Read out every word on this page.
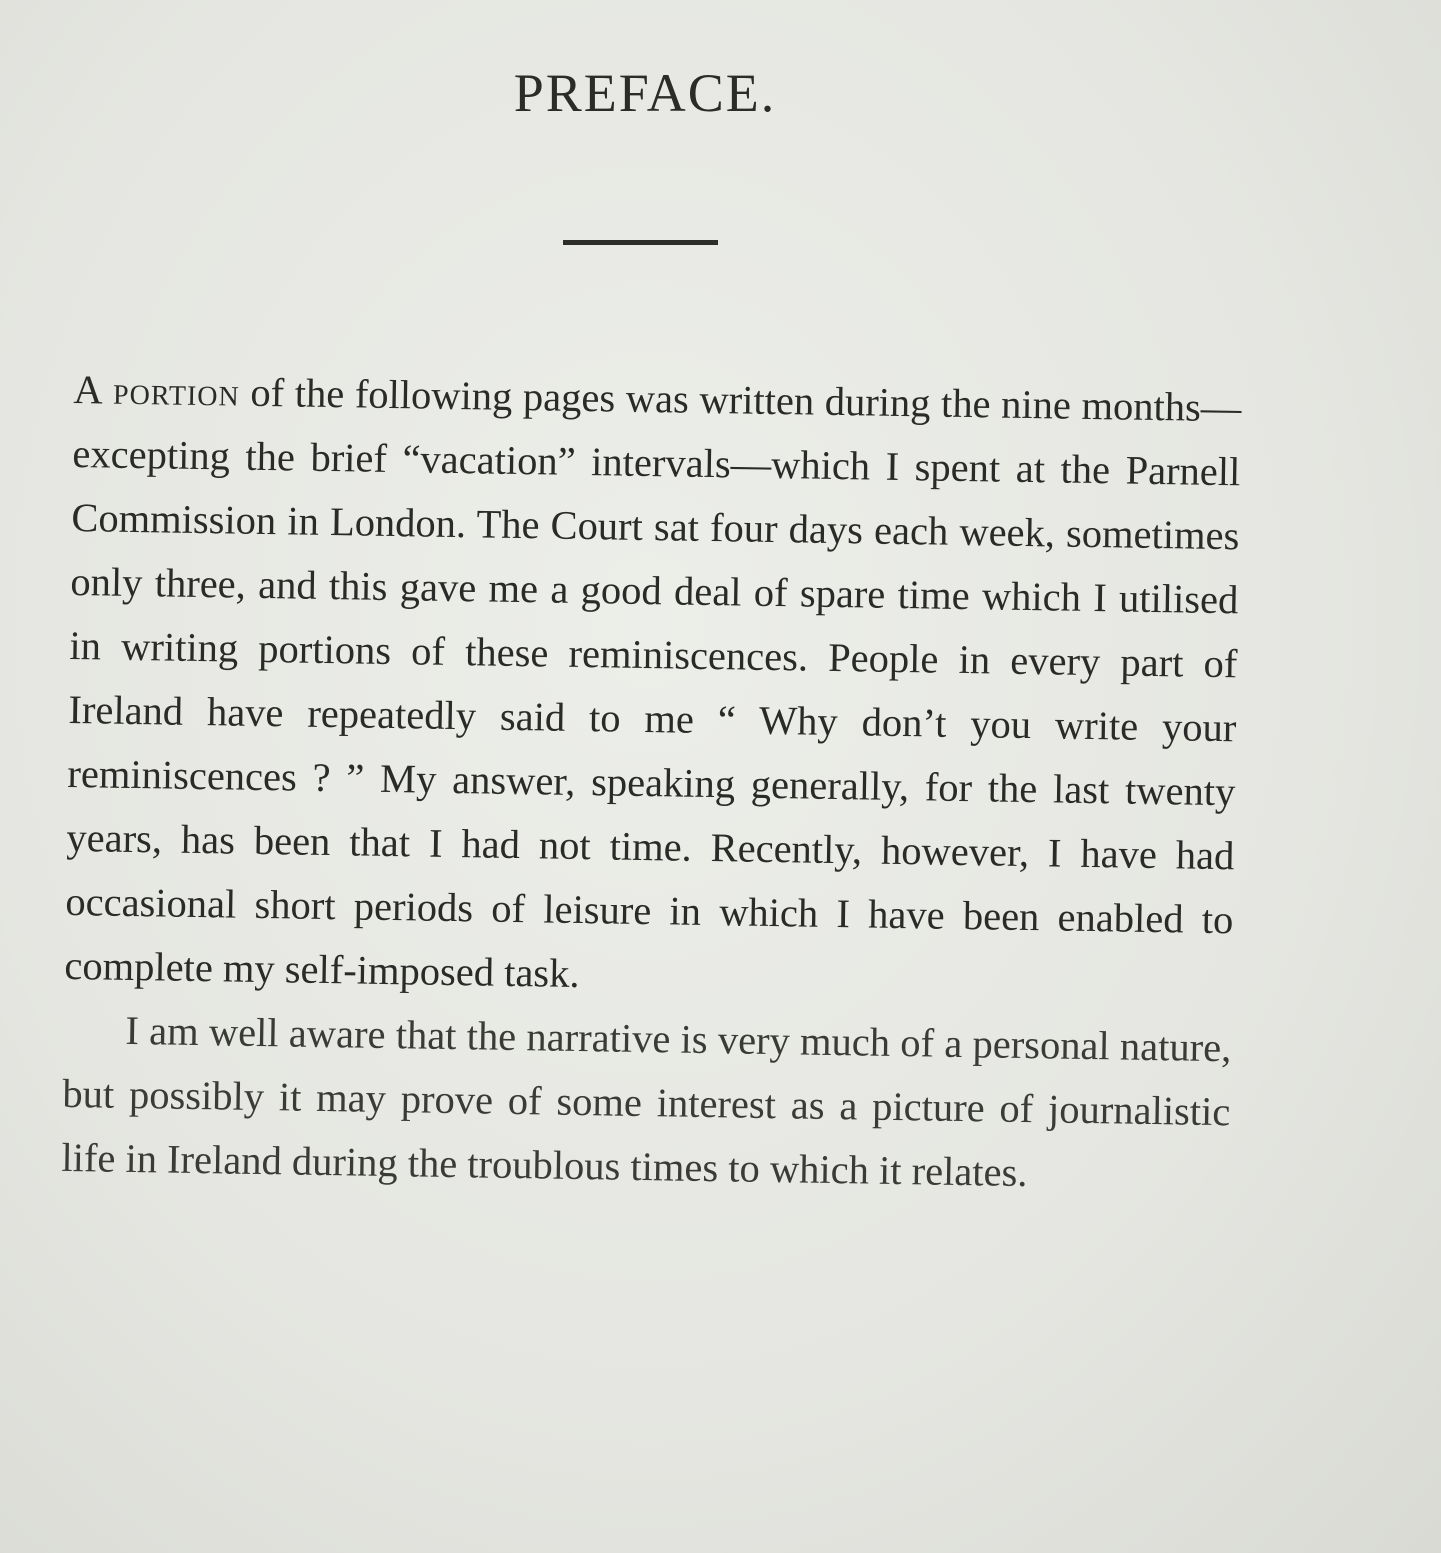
PREFACE.

A portion of the following pages was written during the nine months—excepting the brief “vacation” intervals—which I spent at the Parnell Commission in London. The Court sat four days each week, sometimes only three, and this gave me a good deal of spare time which I utilised in writing portions of these reminiscences. People in every part of Ireland have repeatedly said to me “ Why don’t you write your reminiscences ? ” My answer, speaking generally, for the last twenty years, has been that I had not time. Recently, however, I have had occasional short periods of leisure in which I have been enabled to complete my self-imposed task.

I am well aware that the narrative is very much of a personal nature, but possibly it may prove of some interest as a picture of journalistic life in Ireland during the troublous times to which it relates.
